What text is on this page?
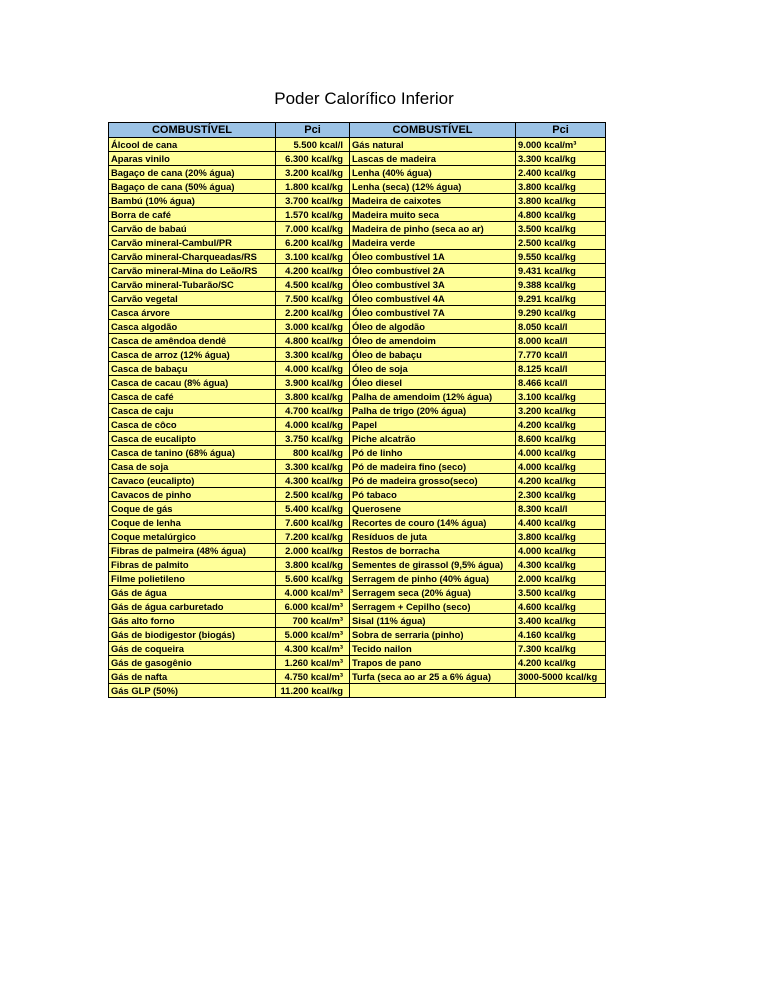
Poder Calorífico Inferior
COMBUSTÍVEL	Pci	COMBUSTÍVEL	Pci
Álcool de cana	5.500 kcal/l	Gás natural	9.000 kcal/m³
Aparas vinilo	6.300 kcal/kg	Lascas de madeira	3.300 kcal/kg
Bagaço de cana (20% água)	3.200 kcal/kg	Lenha (40% água)	2.400 kcal/kg
Bagaço de cana (50% água)	1.800 kcal/kg	Lenha (seca) (12% água)	3.800 kcal/kg
Bambú (10% água)	3.700 kcal/kg	Madeira de caixotes	3.800 kcal/kg
Borra de café	1.570 kcal/kg	Madeira muito seca	4.800 kcal/kg
Carvão de babaú	7.000 kcal/kg	Madeira de pinho (seca ao ar)	3.500 kcal/kg
Carvão mineral-Cambul/PR	6.200 kcal/kg	Madeira verde	2.500 kcal/kg
Carvão mineral-Charqueadas/RS	3.100 kcal/kg	Óleo combustível 1A	9.550 kcal/kg
Carvão mineral-Mina do Leão/RS	4.200 kcal/kg	Óleo combustível 2A	9.431 kcal/kg
Carvão mineral-Tubarão/SC	4.500 kcal/kg	Óleo combustível 3A	9.388 kcal/kg
Carvão vegetal	7.500 kcal/kg	Óleo combustível 4A	9.291 kcal/kg
Casca árvore	2.200 kcal/kg	Óleo combustível 7A	9.290 kcal/kg
Casca algodão	3.000 kcal/kg	Óleo de algodão	8.050 kcal/l
Casca de amêndoa dendê	4.800 kcal/kg	Óleo de amendoim	8.000 kcal/l
Casca de arroz (12% água)	3.300 kcal/kg	Óleo de babaçu	7.770 kcal/l
Casca de babaçu	4.000 kcal/kg	Óleo de soja	8.125 kcal/l
Casca de cacau (8% água)	3.900 kcal/kg	Óleo diesel	8.466 kcal/l
Casca de café	3.800 kcal/kg	Palha de amendoim (12% água)	3.100 kcal/kg
Casca de caju	4.700 kcal/kg	Palha de trigo (20% água)	3.200 kcal/kg
Casca de côco	4.000 kcal/kg	Papel	4.200 kcal/kg
Casca de eucalipto	3.750 kcal/kg	Piche alcatrão	8.600 kcal/kg
Casca de tanino (68% água)	800 kcal/kg	Pó de linho	4.000 kcal/kg
Casa de soja	3.300 kcal/kg	Pó de madeira fino (seco)	4.000 kcal/kg
Cavaco (eucalipto)	4.300 kcal/kg	Pó de madeira grosso(seco)	4.200 kcal/kg
Cavacos de pinho	2.500 kcal/kg	Pó tabaco	2.300 kcal/kg
Coque de gás	5.400 kcal/kg	Querosene	8.300 kcal/l
Coque de lenha	7.600 kcal/kg	Recortes de couro (14% água)	4.400 kcal/kg
Coque metalúrgico	7.200 kcal/kg	Resíduos de juta	3.800 kcal/kg
Fibras de palmeira (48% água)	2.000 kcal/kg	Restos de borracha	4.000 kcal/kg
Fibras de palmito	3.800 kcal/kg	Sementes de girassol (9,5% água)	4.300 kcal/kg
Filme polietileno	5.600 kcal/kg	Serragem de pinho (40% água)	2.000 kcal/kg
Gás de água	4.000 kcal/m³	Serragem seca (20% água)	3.500 kcal/kg
Gás de água carburetado	6.000 kcal/m³	Serragem + Cepilho (seco)	4.600 kcal/kg
Gás alto forno	700 kcal/m³	Sisal (11% água)	3.400 kcal/kg
Gás de biodigestor (biogás)	5.000 kcal/m³	Sobra de serraria (pinho)	4.160 kcal/kg
Gás de coqueira	4.300 kcal/m³	Tecido nailon	7.300 kcal/kg
Gás de gasogênio	1.260 kcal/m³	Trapos de pano	4.200 kcal/kg
Gás de nafta	4.750 kcal/m³	Turfa (seca ao ar 25 a 6% água)	3000-5000 kcal/kg
Gás GLP (50%)	11.200 kcal/kg		
